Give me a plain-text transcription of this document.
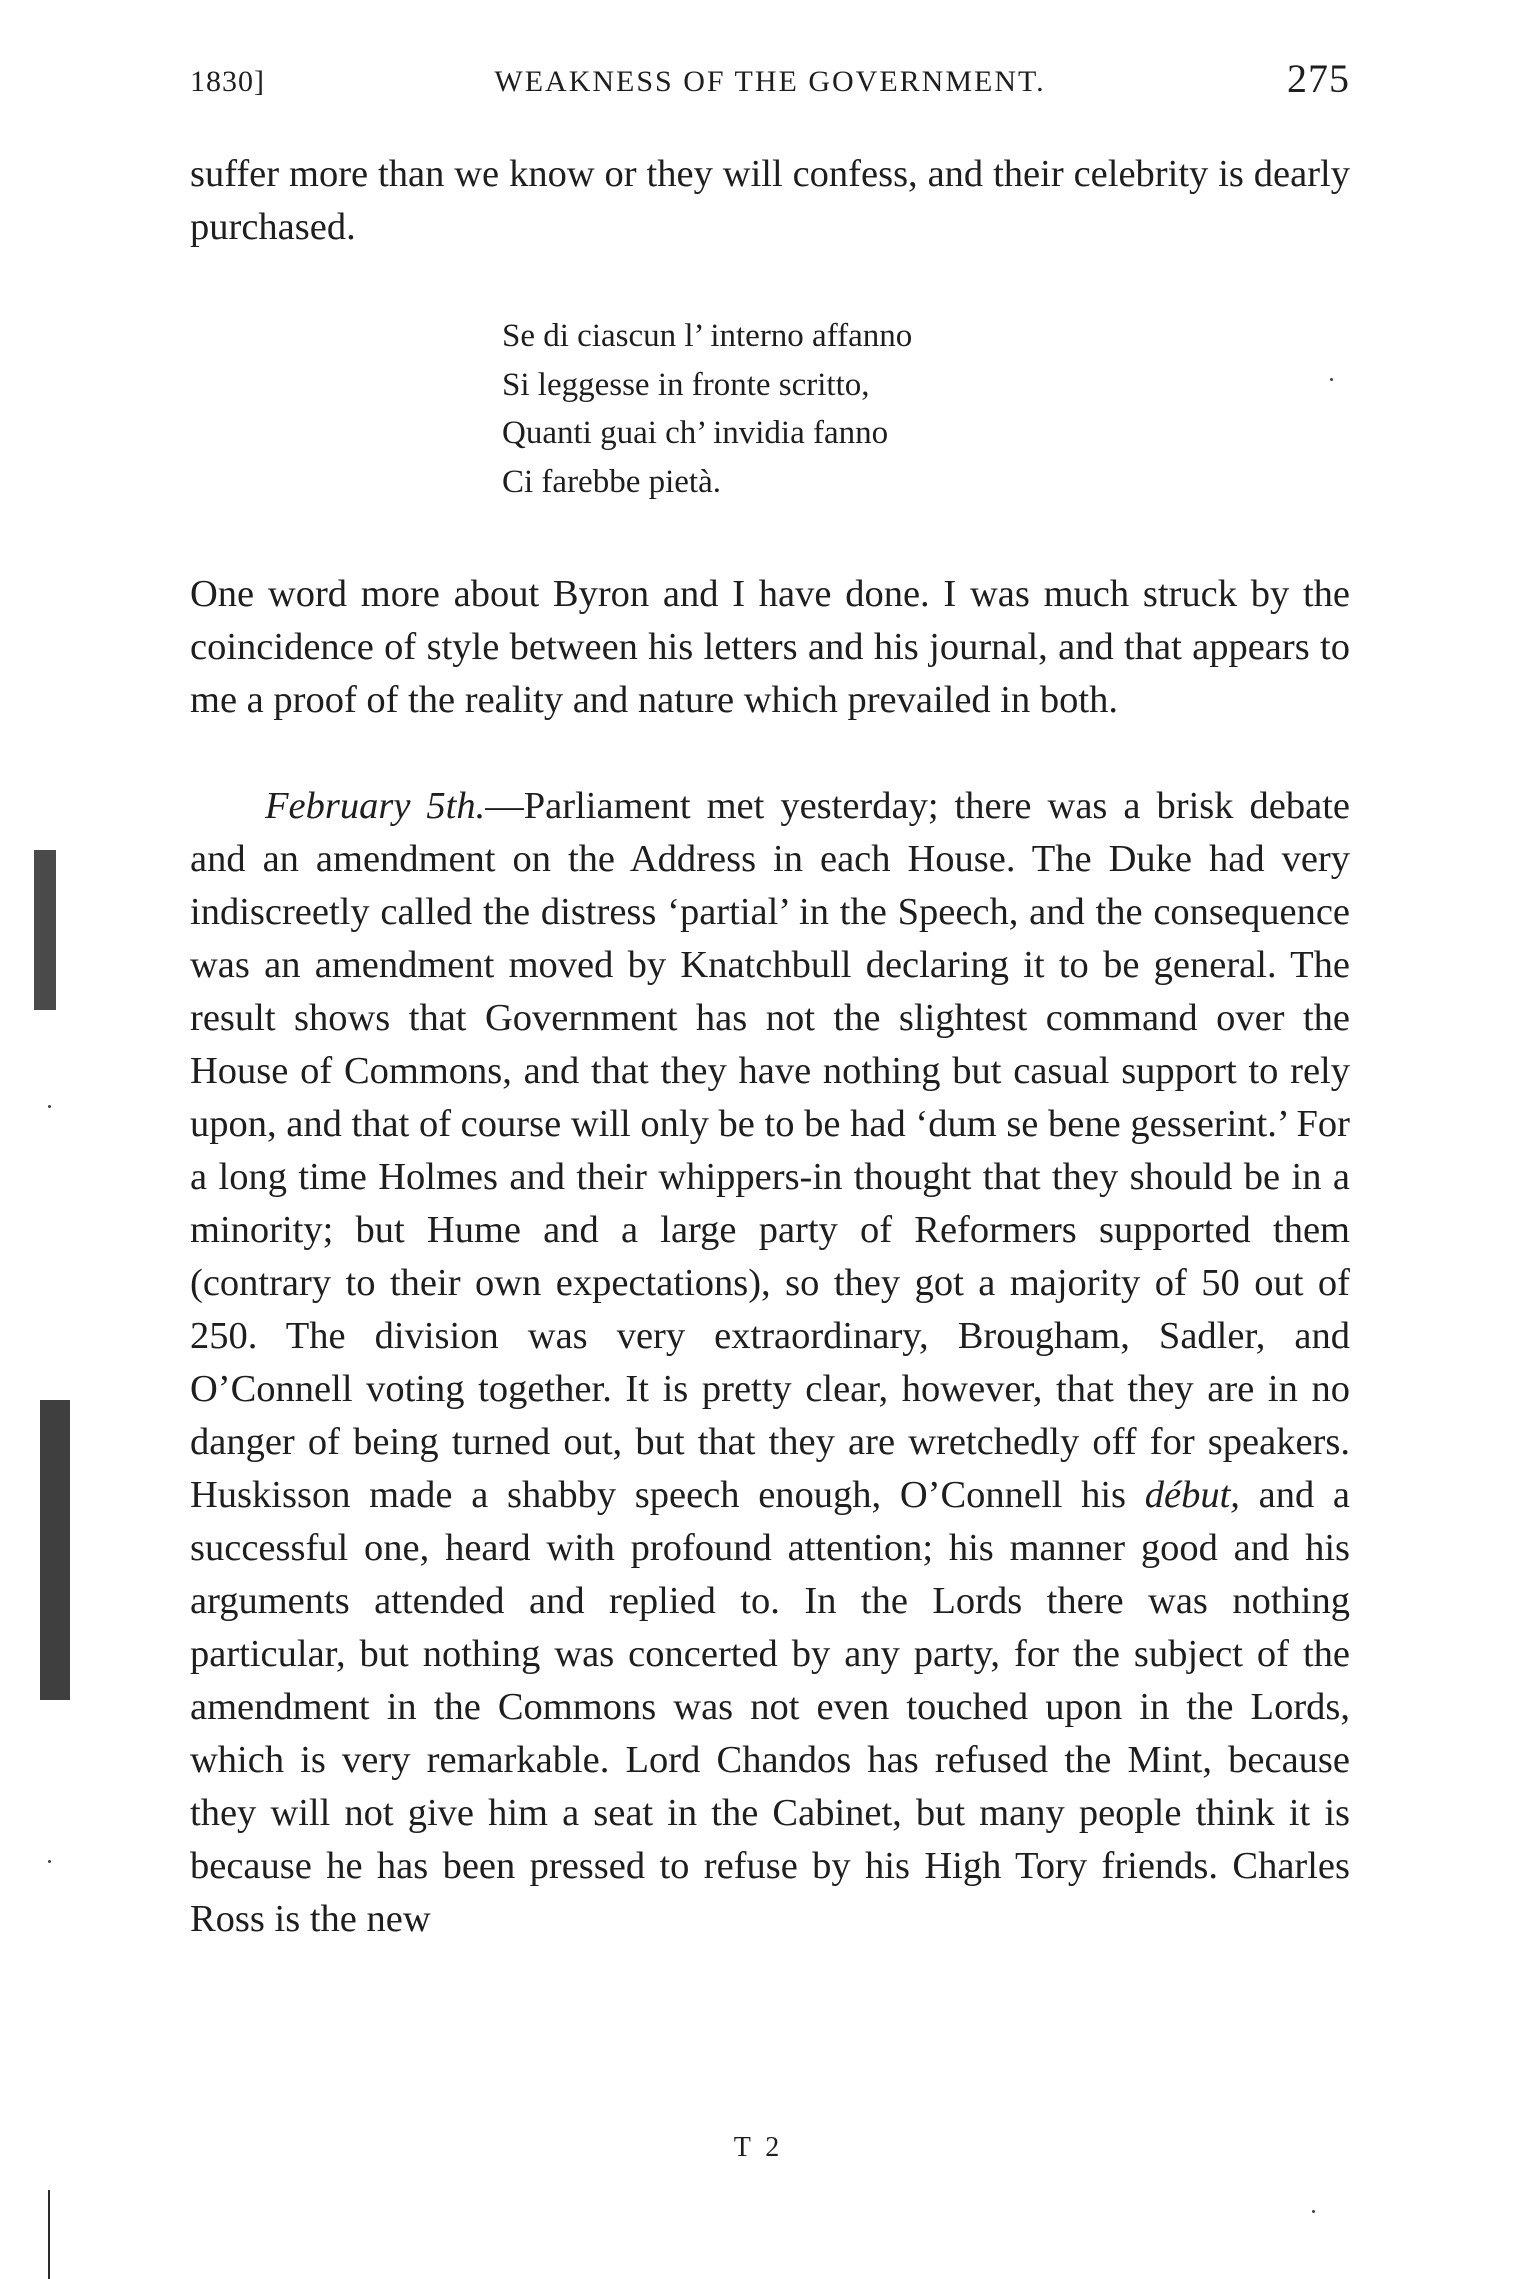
1830]	WEAKNESS OF THE GOVERNMENT.	275

suffer more than we know or they will confess, and their celebrity is dearly purchased.

Se di ciascun l’ interno affanno
Si leggesse in fronte scritto,
Quanti guai ch’ invidia fanno
Ci farebbe pietà.

One word more about Byron and I have done. I was much struck by the coincidence of style between his letters and his journal, and that appears to me a proof of the reality and nature which prevailed in both.

February 5th.—Parliament met yesterday; there was a brisk debate and an amendment on the Address in each House. The Duke had very indiscreetly called the distress ‘partial’ in the Speech, and the consequence was an amendment moved by Knatchbull declaring it to be general. The result shows that Government has not the slightest command over the House of Commons, and that they have nothing but casual support to rely upon, and that of course will only be to be had ‘dum se bene gesserint.’ For a long time Holmes and their whippers-in thought that they should be in a minority; but Hume and a large party of Reformers supported them (contrary to their own expectations), so they got a majority of 50 out of 250. The division was very extraordinary, Brougham, Sadler, and O’Connell voting together. It is pretty clear, however, that they are in no danger of being turned out, but that they are wretchedly off for speakers. Huskisson made a shabby speech enough, O’Connell his début, and a successful one, heard with profound attention; his manner good and his arguments attended and replied to. In the Lords there was nothing particular, but nothing was concerted by any party, for the subject of the amendment in the Commons was not even touched upon in the Lords, which is very remarkable. Lord Chandos has refused the Mint, because they will not give him a seat in the Cabinet, but many people think it is because he has been pressed to refuse by his High Tory friends. Charles Ross is the new

T 2
